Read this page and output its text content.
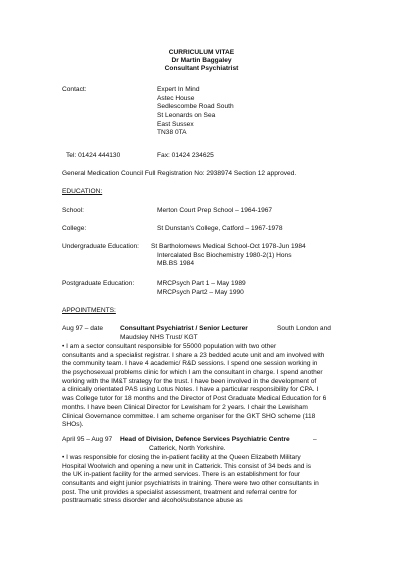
CURRICULUM VITAE
Dr Martin Baggaley
Consultant Psychiatrist
Contact:	Expert In Mind
Astec House
Sedlescombe Road South
St Leonards on Sea
East Sussex
TN38 0TA
Tel: 01424 444130	Fax: 01424 234625
General Medication Council Full Registration No: 2938974 Section 12 approved.
EDUCATION:
School:	Merton Court Prep School – 1964-1967
College:	St Dunstan's College, Catford – 1967-1978
Undergraduate Education: St Bartholomews Medical School-Oct 1978-Jun 1984
Intercalated Bsc Biochemistry 1980-2(1) Hons
MB.BS 1984
Postgraduate Education:	MRCPsych Part 1 – May 1989
MRCPsych Part2 – May 1990
APPOINTMENTS:
Aug 97 – date	Consultant Psychiatrist / Senior Lecturer	South London and
Maudsley NHS Trust/ KGT
• I am a sector consultant responsible for 55000 population with two other
consultants and a specialist registrar. I share a 23 bedded acute unit and am involved with
the community team. I have 4 academic/ R&D sessions. I spend one session working in
the psychosexual problems clinic for which I am the consultant in charge. I spend another
working with the IM&T strategy for the trust. I have been involved in the development of
a clinically orientated PAS using Lotus Notes. I have a particular responsibility for CPA. I
was College tutor for 18 months and the Director of Post Graduate Medical Education for 6
months. I have been Clinical Director for Lewisham for 2 years. I chair the Lewisham
Clinical Governance committee. I am scheme organiser for the GKT SHO scheme (118
SHOs).
April 95 – Aug 97 Head of Division, Defence Services Psychiatric Centre	–
Catterick, North Yorkshire.
• I was responsible for closing the in-patient facility at the Queen Elizabeth Military
Hospital Woolwich and opening a new unit in Catterick. This consist of 34 beds and is
the UK in-patient facility for the armed services. There is an establishment for four
consultants and eight junior psychiatrists in training. There were two other consultants in
post. The unit provides a specialist assessment, treatment and referral centre for
posttraumatic stress disorder and alcohol/substance abuse as
